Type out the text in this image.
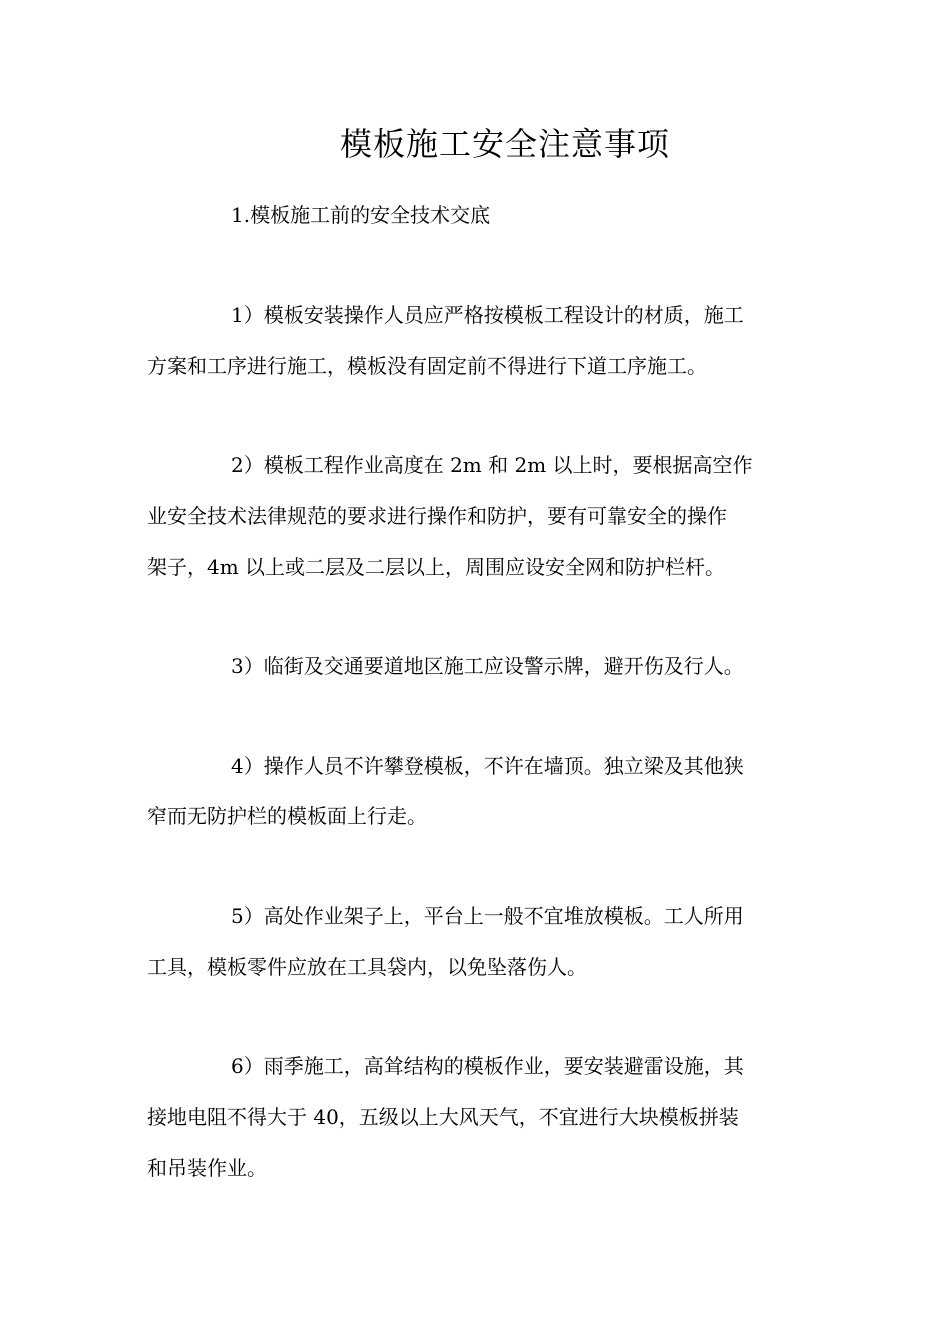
模板施工安全注意事项
1.模板施工前的安全技术交底
1）模板安装操作人员应严格按模板工程设计的材质，施工
方案和工序进行施工，模板没有固定前不得进行下道工序施工。
2）模板工程作业高度在 2m 和 2m 以上时，要根据高空作
业安全技术法律规范的要求进行操作和防护，要有可靠安全的操作
架子，4m 以上或二层及二层以上，周围应设安全网和防护栏杆。
3）临街及交通要道地区施工应设警示牌，避开伤及行人。
4）操作人员不许攀登模板，不许在墙顶。独立梁及其他狭
窄而无防护栏的模板面上行走。
5）高处作业架子上，平台上一般不宜堆放模板。工人所用
工具，模板零件应放在工具袋内，以免坠落伤人。
6）雨季施工，高耸结构的模板作业，要安装避雷设施，其
接地电阻不得大于 40，五级以上大风天气，不宜进行大块模板拼装
和吊装作业。
